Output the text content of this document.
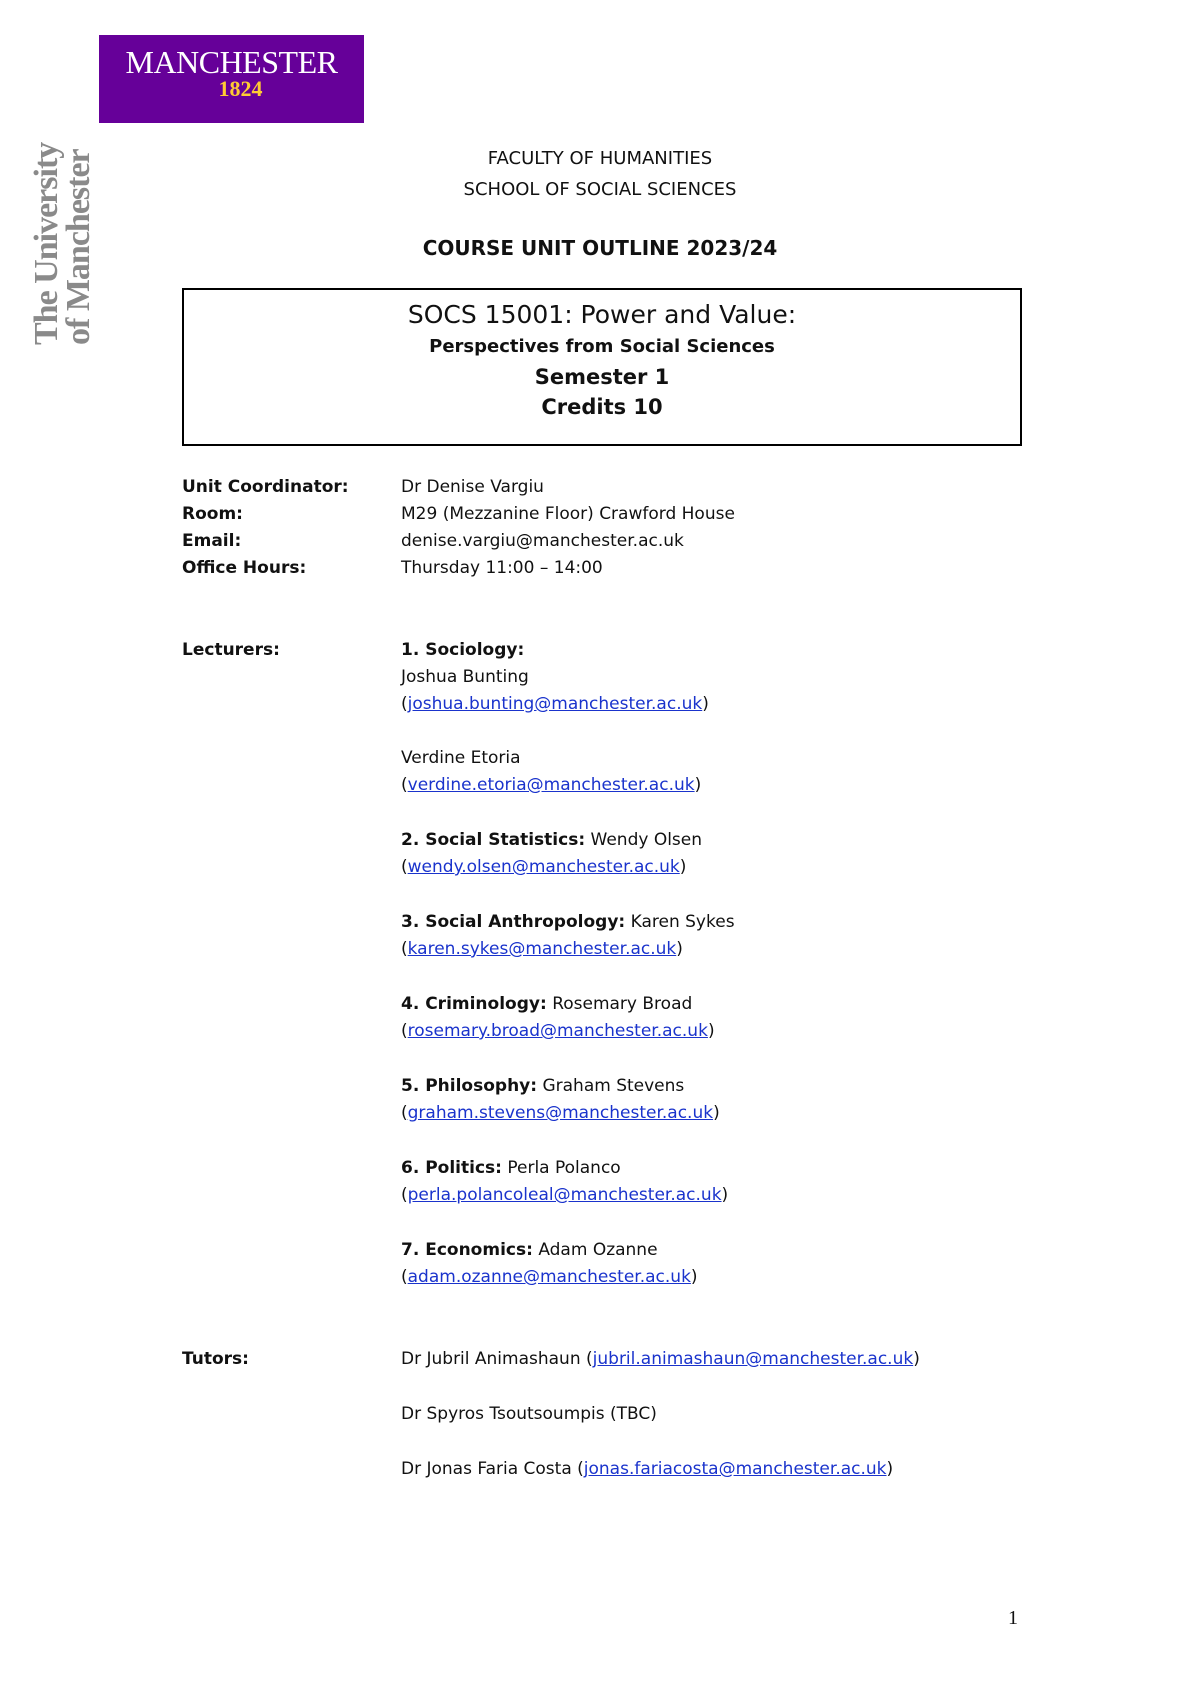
MANCHESTER
1824
The University
of Manchester	FACULTY OF HUMANITIES
SCHOOL OF SOCIAL SCIENCES
COURSE UNIT OUTLINE 2023/24
SOCS 15001: Power and Value:
Perspectives from Social Sciences
Semester 1
Credits 10
Unit Coordinator:	Dr Denise Vargiu
Room:	M29 (Mezzanine Floor) Crawford House
Email:	denise.vargiu@manchester.ac.uk
Office Hours:	Thursday 11:00 – 14:00
Lecturers:	1. Sociology:
Joshua Bunting
(joshua.bunting@manchester.ac.uk)
Verdine Etoria
(verdine.etoria@manchester.ac.uk)
2. Social Statistics: Wendy Olsen
(wendy.olsen@manchester.ac.uk)
3. Social Anthropology: Karen Sykes
(karen.sykes@manchester.ac.uk)
4. Criminology: Rosemary Broad
(rosemary.broad@manchester.ac.uk)
5. Philosophy: Graham Stevens
(graham.stevens@manchester.ac.uk)
6. Politics: Perla Polanco
(perla.polancoleal@manchester.ac.uk)
7. Economics: Adam Ozanne
(adam.ozanne@manchester.ac.uk)
Tutors:	Dr Jubril Animashaun (jubril.animashaun@manchester.ac.uk)
Dr Spyros Tsoutsoumpis (TBC)
Dr Jonas Faria Costa (jonas.fariacosta@manchester.ac.uk)
1
